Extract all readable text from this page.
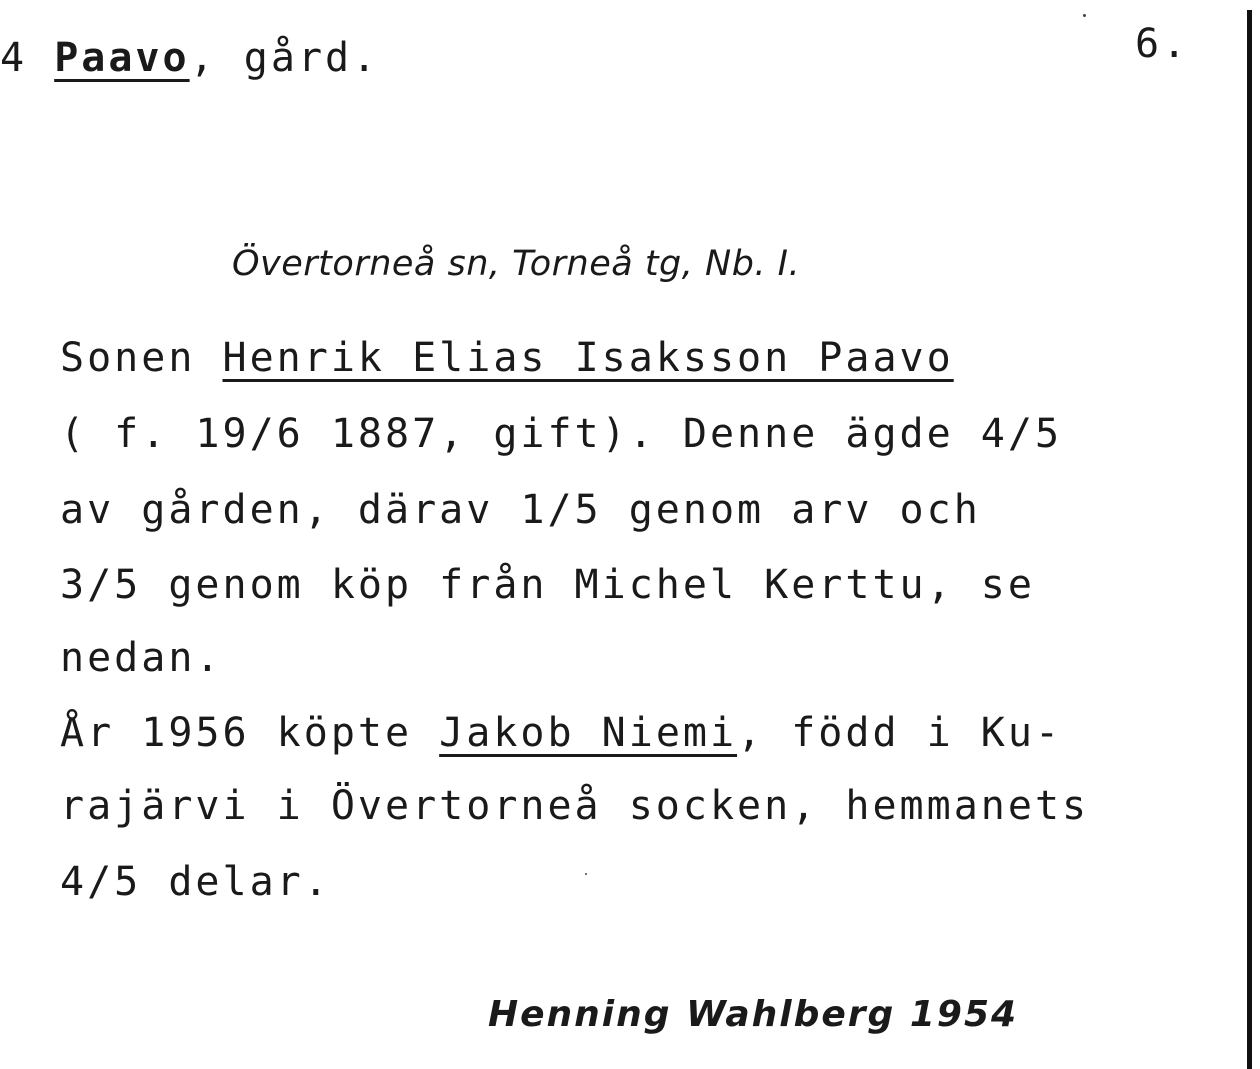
4 Paavo, gård.	6.
Övertorneå sn, Torneå tg, Nb. I.
Sonen Henrik Elias Isaksson Paavo
( f. 19/6 1887, gift). Denne ägde 4/5
av gården, därav 1/5 genom arv och
3/5 genom köp från Michel Kerttu, se
nedan.
År 1956 köpte Jakob Niemi, född i Ku-
rajärvi i Övertorneå socken, hemmanets
4/5 delar.
Henning Wahlberg 1954
